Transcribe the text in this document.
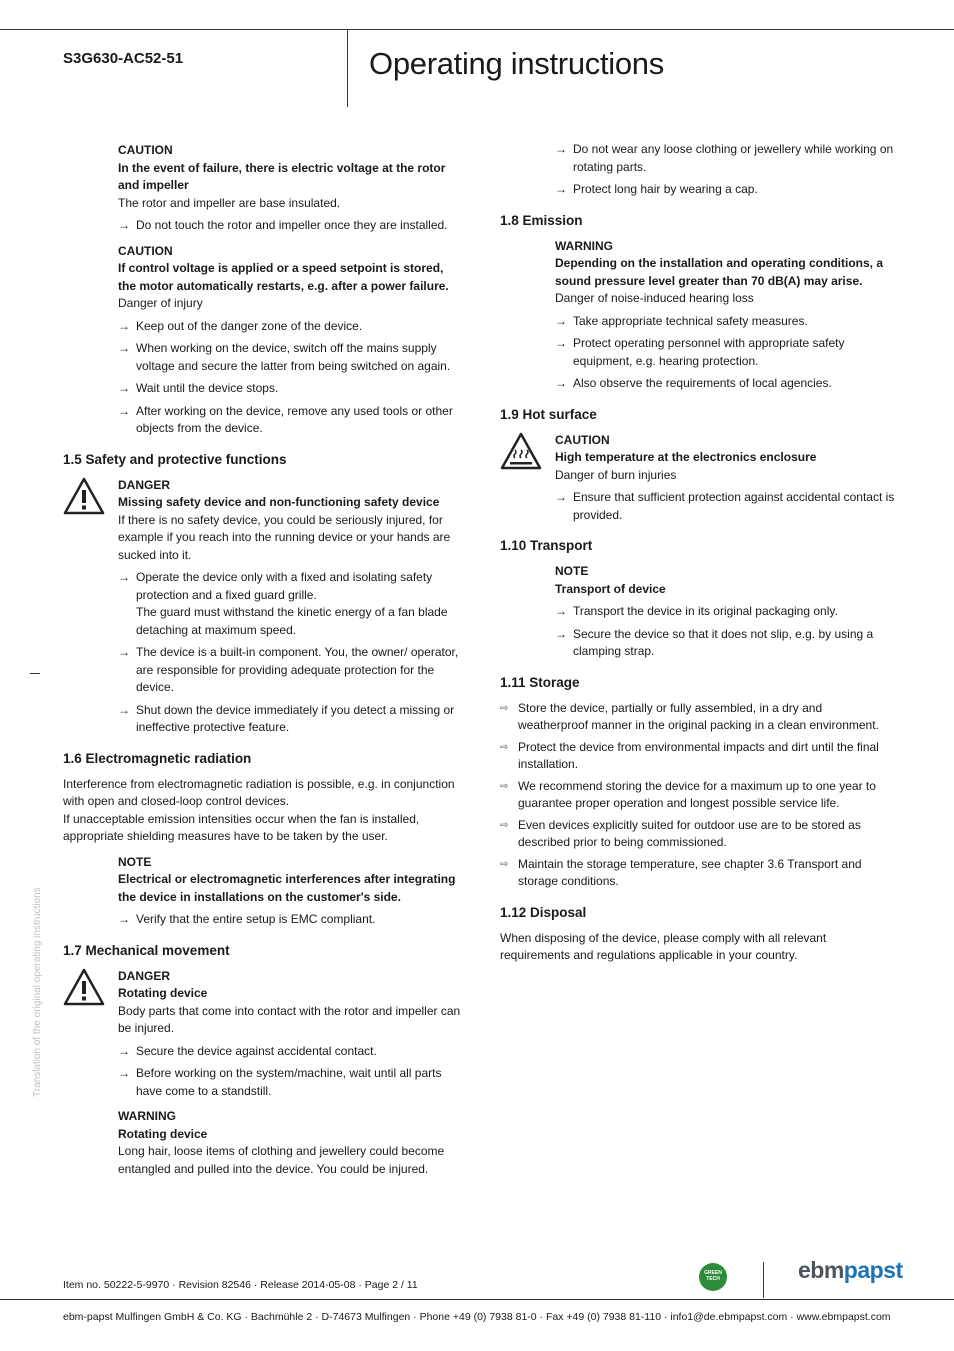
S3G630-AC52-51	Operating instructions
Translation of the original operating instructions
CAUTION
In the event of failure, there is electric voltage at the rotor and impeller
The rotor and impeller are base insulated.
→ Do not touch the rotor and impeller once they are installed.
CAUTION
If control voltage is applied or a speed setpoint is stored, the motor automatically restarts, e.g. after a power failure.
Danger of injury
→ Keep out of the danger zone of the device.
→ When working on the device, switch off the mains supply voltage and secure the latter from being switched on again.
→ Wait until the device stops.
→ After working on the device, remove any used tools or other objects from the device.
1.5 Safety and protective functions
DANGER
Missing safety device and non-functioning safety device
If there is no safety device, you could be seriously injured, for example if you reach into the running device or your hands are sucked into it.
→ Operate the device only with a fixed and isolating safety protection and a fixed guard grille.
The guard must withstand the kinetic energy of a fan blade detaching at maximum speed.
→ The device is a built-in component. You, the owner/ operator, are responsible for providing adequate protection for the device.
→ Shut down the device immediately if you detect a missing or ineffective protective feature.
1.6 Electromagnetic radiation
Interference from electromagnetic radiation is possible, e.g. in conjunction with open and closed-loop control devices.
If unacceptable emission intensities occur when the fan is installed, appropriate shielding measures have to be taken by the user.
NOTE
Electrical or electromagnetic interferences after integrating the device in installations on the customer's side.
→ Verify that the entire setup is EMC compliant.
1.7 Mechanical movement
DANGER
Rotating device
Body parts that come into contact with the rotor and impeller can be injured.
→ Secure the device against accidental contact.
→ Before working on the system/machine, wait until all parts have come to a standstill.
WARNING
Rotating device
Long hair, loose items of clothing and jewellery could become entangled and pulled into the device. You could be injured.
→ Do not wear any loose clothing or jewellery while working on rotating parts.
→ Protect long hair by wearing a cap.
1.8 Emission
WARNING
Depending on the installation and operating conditions, a sound pressure level greater than 70 dB(A) may arise.
Danger of noise-induced hearing loss
→ Take appropriate technical safety measures.
→ Protect operating personnel with appropriate safety equipment, e.g. hearing protection.
→ Also observe the requirements of local agencies.
1.9 Hot surface
CAUTION
High temperature at the electronics enclosure
Danger of burn injuries
→ Ensure that sufficient protection against accidental contact is provided.
1.10 Transport
NOTE
Transport of device
→ Transport the device in its original packaging only.
→ Secure the device so that it does not slip, e.g. by using a clamping strap.
1.11 Storage
⇨ Store the device, partially or fully assembled, in a dry and weatherproof manner in the original packing in a clean environment.
⇨ Protect the device from environmental impacts and dirt until the final installation.
⇨ We recommend storing the device for a maximum up to one year to guarantee proper operation and longest possible service life.
⇨ Even devices explicitly suited for outdoor use are to be stored as described prior to being commissioned.
⇨ Maintain the storage temperature, see chapter 3.6 Transport and storage conditions.
1.12 Disposal
When disposing of the device, please comply with all relevant requirements and regulations applicable in your country.
Item no. 50222-5-9970 · Revision 82546 · Release 2014-05-08 · Page 2 / 11
GREEN TECH	ebmpapst
ebm-papst Mulfingen GmbH & Co. KG · Bachmühle 2 · D-74673 Mulfingen · Phone +49 (0) 7938 81-0 · Fax +49 (0) 7938 81-110 · info1@de.ebmpapst.com · www.ebmpapst.com
